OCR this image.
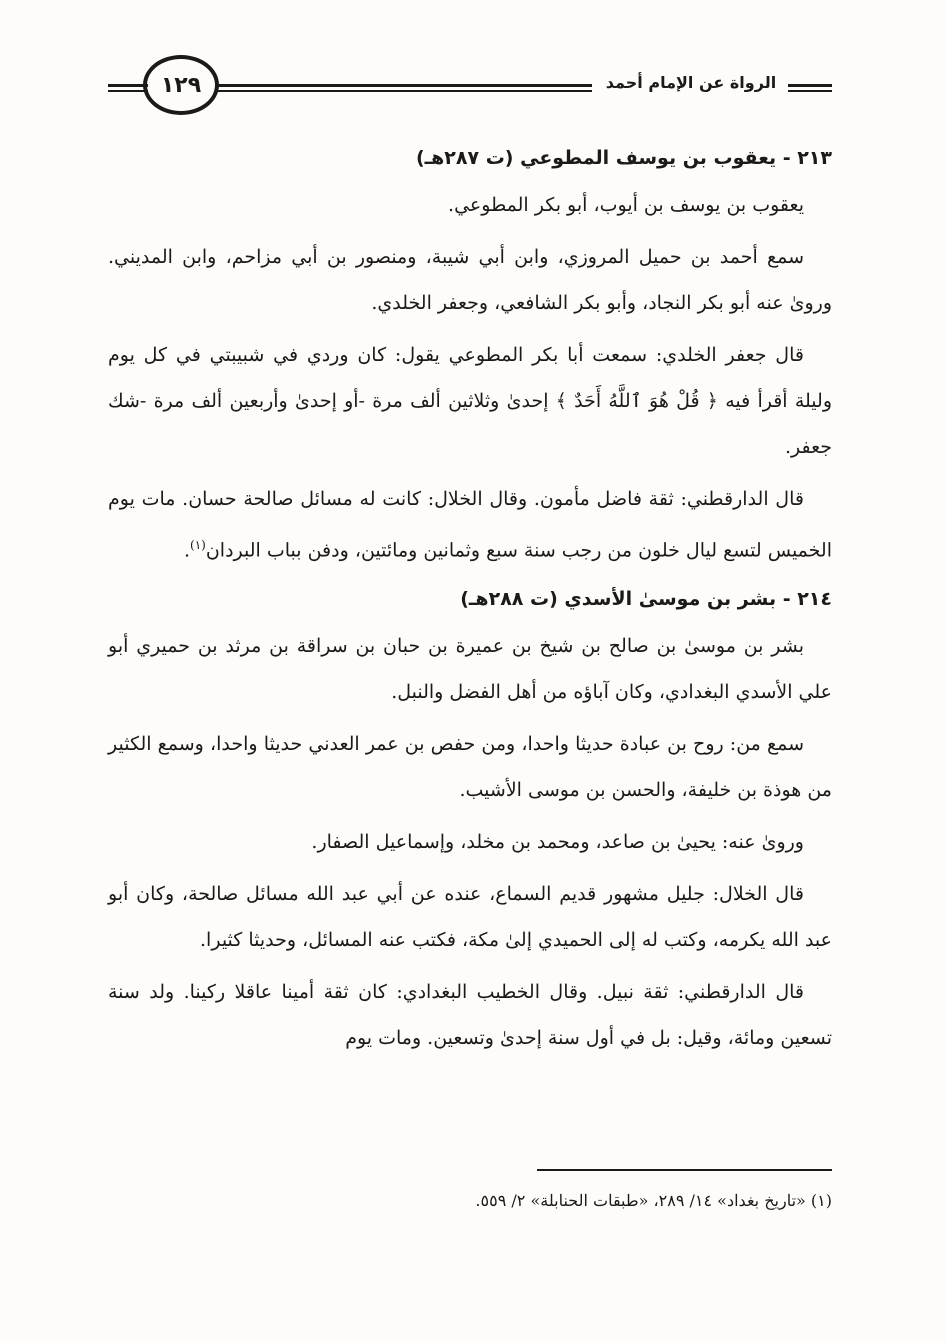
الرواة عن الإمام أحمد
١٢٩
٢١٣ - يعقوب بن يوسف المطوعي (ت ٢٨٧هـ)

يعقوب بن يوسف بن أيوب، أبو بكر المطوعي.

سمع أحمد بن حميل المروزي، وابن أبي شيبة، ومنصور بن أبي مزاحم، وابن المديني. وروىٰ عنه أبو بكر النجاد، وأبو بكر الشافعي، وجعفر الخلدي.

قال جعفر الخلدي: سمعت أبا بكر المطوعي يقول: كان وردي في شبيبتي في كل يوم وليلة أقرأ فيه ﴿ قُلْ هُوَ ٱللَّهُ أَحَدٌ ﴾ إحدىٰ وثلاثين ألف مرة -أو إحدىٰ وأربعين ألف مرة -شك جعفر.

قال الدارقطني: ثقة فاضل مأمون. وقال الخلال: كانت له مسائل صالحة حسان. مات يوم الخميس لتسع ليال خلون من رجب سنة سبع وثمانين ومائتين، ودفن بباب البردان$^{(١)}$.

٢١٤ - بشر بن موسىٰ الأسدي (ت ٢٨٨هـ)

بشر بن موسىٰ بن صالح بن شيخ بن عميرة بن حبان بن سراقة بن مرثد بن حميري أبو علي الأسدي البغدادي، وكان آباؤه من أهل الفضل والنبل.

سمع من: روح بن عبادة حديثا واحدا، ومن حفص بن عمر العدني حديثا واحدا، وسمع الكثير من هوذة بن خليفة، والحسن بن موسى الأشيب.

وروىٰ عنه: يحيىٰ بن صاعد، ومحمد بن مخلد، وإسماعيل الصفار.

قال الخلال: جليل مشهور قديم السماع، عنده عن أبي عبد الله مسائل صالحة، وكان أبو عبد الله يكرمه، وكتب له إلى الحميدي إلىٰ مكة، فكتب عنه المسائل، وحديثا كثيرا.

قال الدارقطني: ثقة نبيل. وقال الخطيب البغدادي: كان ثقة أمينا عاقلا ركينا. ولد سنة تسعين ومائة، وقيل: بل في أول سنة إحدىٰ وتسعين. ومات يوم

(١) «تاريخ بغداد» ١٤/ ٢٨٩، «طبقات الحنابلة» ٢/ ٥٥٩.
